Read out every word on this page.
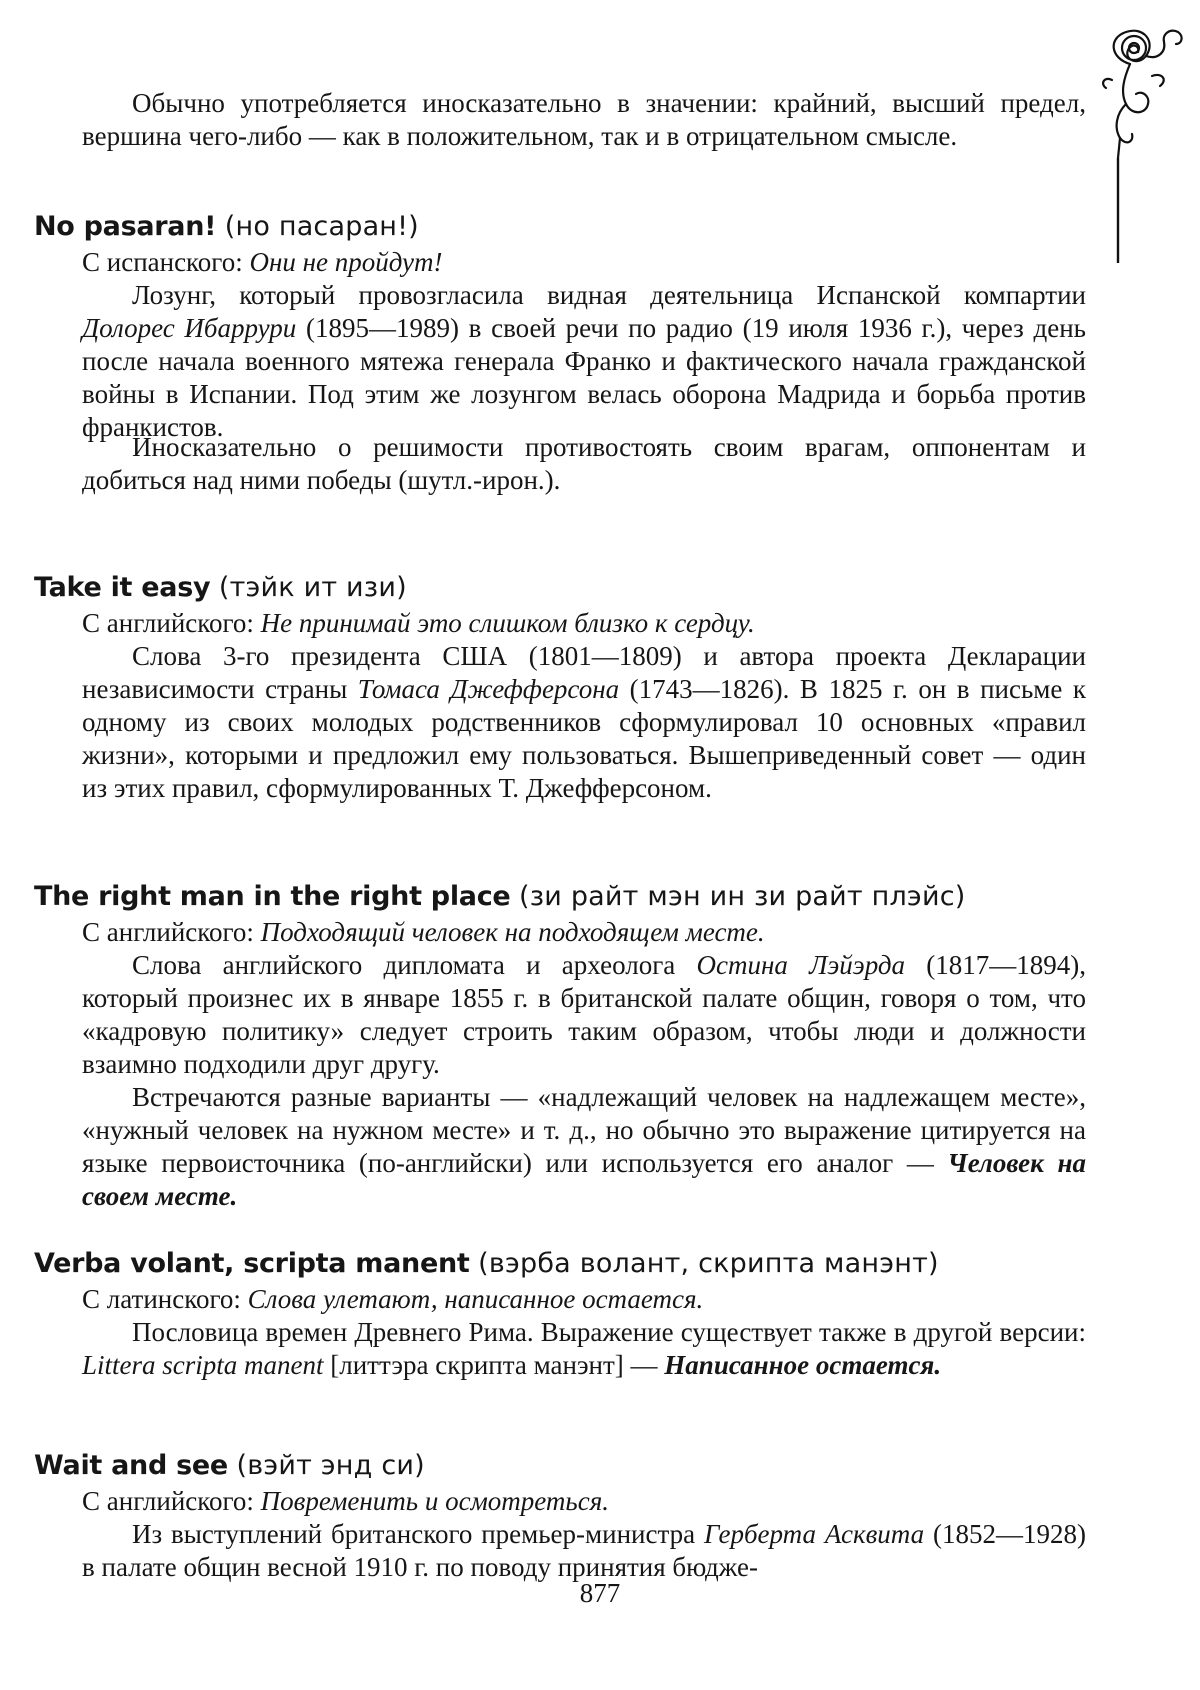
Обычно употребляется иносказательно в значении: крайний, высший предел, вершина чего-либо — как в положительном, так и в отрицательном смысле.

No pasaran! (но пасаран!)

С испанского: Они не пройдут!

Лозунг, который провозгласила видная деятельница Испанской компартии Долорес Ибаррури (1895—1989) в своей речи по радио (19 июля 1936 г.), через день после начала военного мятежа генерала Франко и фактического начала гражданской войны в Испании. Под этим же лозунгом велась оборона Мадрида и борьба против франкистов.

Иносказательно о решимости противостоять своим врагам, оппонентам и добиться над ними победы (шутл.-ирон.).

Take it easy (тэйк ит изи)

С английского: Не принимай это слишком близко к сердцу.

Слова 3-го президента США (1801—1809) и автора проекта Декларации независимости страны Томаса Джефферсона (1743—1826). В 1825 г. он в письме к одному из своих молодых родственников сформулировал 10 основных «правил жизни», которыми и предложил ему пользоваться. Вышеприведенный совет — один из этих правил, сформулированных Т. Джефферсоном.

The right man in the right place (зи райт мэн ин зи райт плэйс)

С английского: Подходящий человек на подходящем месте.

Слова английского дипломата и археолога Остина Лэйэрда (1817—1894), который произнес их в январе 1855 г. в британской палате общин, говоря о том, что «кадровую политику» следует строить таким образом, чтобы люди и должности взаимно подходили друг другу.

Встречаются разные варианты — «надлежащий человек на надлежащем месте», «нужный человек на нужном месте» и т. д., но обычно это выражение цитируется на языке первоисточника (по-английски) или используется его аналог — Человек на своем месте.

Verba volant, scripta manent (вэрба волант, скрипта манэнт)

С латинского: Слова улетают, написанное остается.

Пословица времен Древнего Рима. Выражение существует также в другой версии: Littera scripta manent [литтэра скрипта манэнт] — Написанное остается.

Wait and see (вэйт энд си)

С английского: Повременить и осмотреться.

Из выступлений британского премьер-министра Герберта Асквита (1852—1928) в палате общин весной 1910 г. по поводу принятия бюдже-

877
